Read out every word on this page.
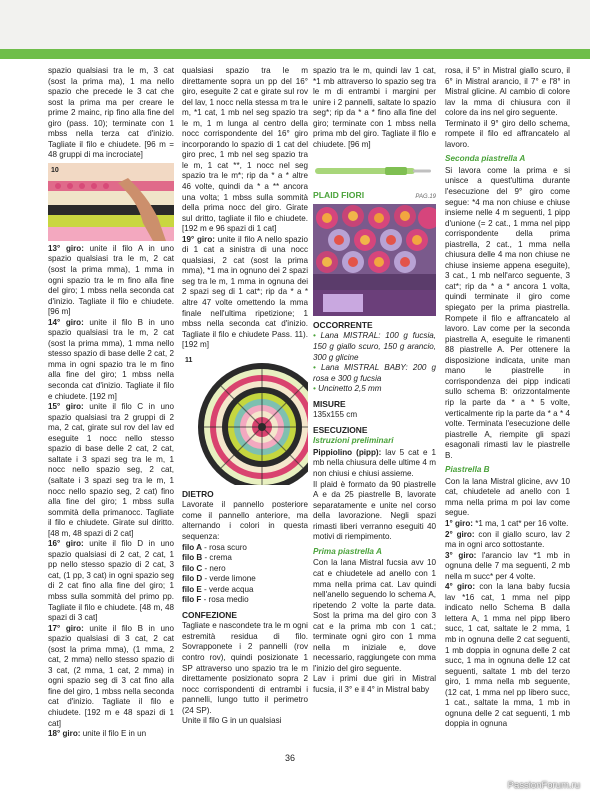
spazio qualsiasi tra le m, 3 cat (sost la prima ma), 1 ma nello spazio che precede le 3 cat che sost la prima ma per creare le prime 2 mainc, rip fino alla fine del giro (pass. 10); terminate con 1 mbss nella terza cat d'inizio. Tagliate il filo e chiudete. [96 m = 48 gruppi di ma incrociate]

10

13° giro: unite il filo A in uno spazio qualsiasi tra le m, 2 cat (sost la prima mma), 1 mma in ogni spazio tra le m fino alla fine del giro; 1 mbss nella seconda cat d'inizio. Tagliate il filo e chiudete. [96 m]

14° giro: unite il filo B in uno spazio qualsiasi tra le m, 2 cat (sost la prima mma), 1 mma nello stesso spazio di base delle 2 cat, 2 mma in ogni spazio tra le m fino alla fine del giro; 1 mbss nella seconda cat d'inizio. Tagliate il filo e chiudete. [192 m]

15° giro: unite il filo C in uno spazio qualsiasi tra 2 gruppi di 2 ma, 2 cat, girate sul rov del lav ed eseguite 1 nocc nello stesso spazio di base delle 2 cat, 2 cat, saltate i 3 spazi seg tra le m, 1 nocc nello spazio seg, 2 cat, (saltate i 3 spazi seg tra le m, 1 nocc nello spazio seg, 2 cat) fino alla fine del giro; 1 mbss sulla sommità della primanocc. Tagliate il filo e chiudete. Girate sul diritto. [48 m, 48 spazi di 2 cat]

16° giro: unite il filo D in uno spazio qualsiasi di 2 cat, 2 cat, 1 pp nello stesso spazio di 2 cat, 3 cat, (1 pp, 3 cat) in ogni spazio seg di 2 cat fino alla fine del giro; 1 mbss sulla sommità del primo pp. Tagliate il filo e chiudete. [48 m, 48 spazi di 3 cat]

17° giro: unite il filo B in uno spazio qualsiasi di 3 cat, 2 cat (sost la prima mma), (1 mma, 2 cat, 2 mma) nello stesso spazio di 3 cat, (2 mma, 1 cat, 2 mma) in ogni spazio seg di 3 cat fino alla fine del giro, 1 mbss nella seconda cat d'inizio. Tagliate il filo e chiudete. [192 m e 48 spazi di 1 cat]

18° giro: unite il filo E in un

qualsiasi spazio tra le m direttamente sopra un pp del 16° giro, eseguite 2 cat e girate sul rov del lav, 1 nocc nella stessa m tra le m, *1 cat, 1 mb nel seg spazio tra le m, 1 m lunga al centro della nocc corrispondente del 16° giro incorporando lo spazio di 1 cat del giro prec, 1 mb nel seg spazio tra le m, 1 cat **, 1 nocc nel seg spazio tra le m*; rip da * a * altre 46 volte, quindi da * a ** ancora una volta; 1 mbss sulla sommità della prima nocc del giro. Girate sul dritto, tagliate il filo e chiudete. [192 m e 96 spazi di 1 cat]

19° giro: unite il filo A nello spazio di 1 cat a sinistra di una nocc qualsiasi, 2 cat (sost la prima mma), *1 ma in ognuno dei 2 spazi seg tra le m, 1 mma in ognuna dei 2 spazi seg di 1 cat*; rip da * a * altre 47 volte omettendo la mma finale nell'ultima ripetizione; 1 mbss nella seconda cat d'inizio. Tagliate il filo e chiudete Pass. 11). [192 m]

11
DIETRO

Lavorate il pannello posteriore come il pannello anteriore, ma alternando i colori in questa sequenza:

filo A - rosa scuro

filo B - crema

filo C - nero

filo D - verde limone

filo E - verde acqua

filo F - rosa medio

CONFEZIONE

Tagliate e nascondete tra le m ogni estremità residua di filo. Sovrapponete i 2 pannelli (rov contro rov), quindi posizionate 1 SP attraverso uno spazio tra le m direttamente posizionato sopra 2 nocc corrispondenti di entrambi i pannelli, lungo tutto il perimetro (24 SP).

Unite il filo G in un qualsiasi

spazio tra le m, quindi lav 1 cat, *1 mb attraverso lo spazio seg tra le m di entrambi i margini per unire i 2 pannelli, saltate lo spazio seg*; rip da * a * fino alla fine del giro; terminate con 1 mbss nella prima mb del giro. Tagliate il filo e chiudete. [96 m]

PLAID FIORI	PAG.19
OCCORRENTE

• Lana MISTRAL: 100 g fucsia, 150 g giallo scuro, 150 g arancio, 300 g glicine

• Lana MISTRAL BABY: 200 g rosa e 300 g fucsia

• Uncinetto 2,5 mm

MISURE

135x155 cm

ESECUZIONE
Istruzioni preliminari

Pippiolino (pipp): lav 5 cat e 1 mb nella chiusura delle ultime 4 m non chiusi e chiusi assieme.

Il plaid è formato da 90 piastrelle A e da 25 piastrelle B, lavorate separatamente e unite nel corso della lavorazione. Negli spazi rimasti liberi verranno eseguiti 40 motivi di riempimento.

Prima piastrella A

Con la lana Mistral fucsia avv 10 cat e chiudetele ad anello con 1 mma nella prima cat. Lav quindi nell'anello seguendo lo schema A, ripetendo 2 volte la parte data. Sost la prima ma del giro con 3 cat e la prima mb con 1 cat.; terminate ogni giro con 1 mma nella m iniziale e, dove necessario, raggiungete con mma l'inizio del giro seguente.

Lav i primi due giri in Mistral fucsia, il 3° e il 4° in Mistral baby

rosa, il 5° in Mistral giallo scuro, il 6° in Mistral arancio, il 7° e l'8° in Mistral glicine. Al cambio di colore lav la mma di chiusura con il colore da ins nel giro seguente.

Terminato il 9° giro dello schema, rompete il filo ed affrancatelo al lavoro.

Seconda piastrella A

Si lavora come la prima e si unisce a quest'ultima durante l'esecuzione del 9° giro come segue: *4 ma non chiuse e chiuse insieme nelle 4 m seguenti, 1 pipp d'unione (= 2 cat., 1 mma nel pipp corrispondente della prima piastrella, 2 cat., 1 mma nella chiusura delle 4 ma non chiuse ne chiuse insieme appena eseguite), 3 cat., 1 mb nell'arco seguente, 3 cat*; rip da * a * ancora 1 volta, quindi terminate il giro come spiegato per la prima piastrella. Rompete il filo e affrancatelo al lavoro. Lav come per la seconda piastrella A, eseguite le rimanenti 88 piastrelle A. Per ottenere la disposizione indicata, unite man mano le piastrelle in corrispondenza dei pipp indicati sullo schema B: orizzontalmente rip la parte da * a * 5 volte, verticalmente rip la parte da * a * 4 volte. Terminata l'esecuzione delle piastrelle A, riempite gli spazi esagonali rimasti lav le piastrelle B.

Piastrella B

Con la lana Mistral glicine, avv 10 cat, chiudetele ad anello con 1 mma nella prima m poi lav come segue.

1° giro: *1 ma, 1 cat* per 16 volte.

2° giro: con il giallo scuro, lav 2 ma in ogni arco sottostante.

3° giro: l'arancio lav *1 mb in ognuna delle 7 ma seguenti, 2 mb nella m succ* per 4 volte.

4° giro: con la lana baby fucsia lav *16 cat, 1 mma nel pipp indicato nello Schema B dalla lettera A, 1 mma nel pipp libero succ, 1 cat, saltate le 2 mma, 1 mb in ognuna delle 2 cat seguenti, 1 mb doppia in ognuna delle 2 cat succ, 1 ma in ognuna delle 12 cat seguenti, saltate 1 mb del terzo giro, 1 mma nella mb seguente, (12 cat, 1 mma nel pp libero succ, 1 cat., saltate la mma, 1 mb in ognuna delle 2 cat seguenti, 1 mb doppia in ognuna

36
PassionForum.ru
